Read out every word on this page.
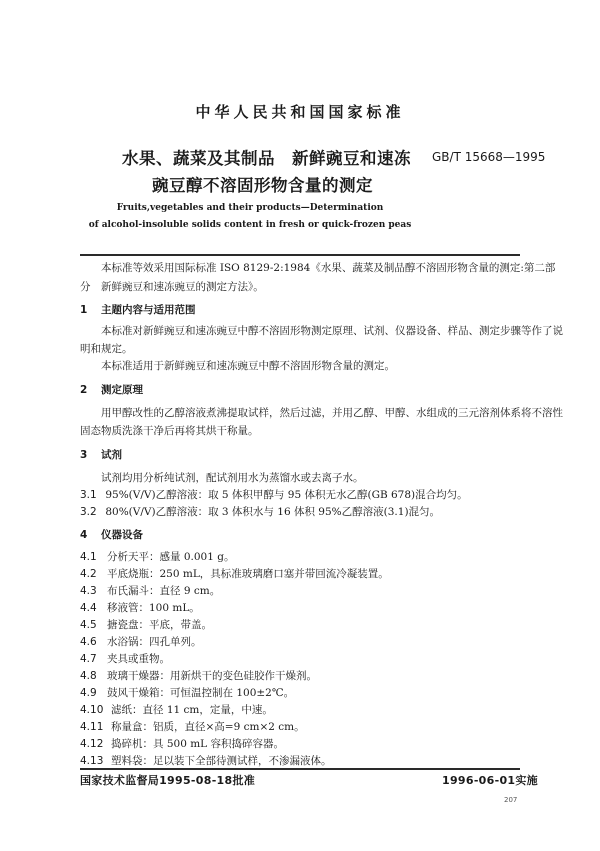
中华人民共和国国家标准
水果、蔬菜及其制品　新鲜豌豆和速冻
豌豆醇不溶固形物含量的测定
GB/T 15668—1995
Fruits,vegetables and their products—Determination
of alcohol-insoluble solids content in fresh or quick-frozen peas
本标准等效采用国际标准 ISO 8129-2:1984《水果、蔬菜及制品醇不溶固形物含量的测定:第二部
分　新鲜豌豆和速冻豌豆的测定方法》。
1 主题内容与适用范围
本标准对新鲜豌豆和速冻豌豆中醇不溶固形物测定原理、试剂、仪器设备、样品、测定步骤等作了说
明和规定。
本标准适用于新鲜豌豆和速冻豌豆中醇不溶固形物含量的测定。
2 测定原理
用甲醇改性的乙醇溶液煮沸提取试样，然后过滤，并用乙醇、甲醇、水组成的三元溶剂体系将不溶性
固态物质洗涤干净后再将其烘干称量。
3 试剂
试剂均用分析纯试剂，配试剂用水为蒸馏水或去离子水。
3.1 95%(V/V)乙醇溶液：取 5 体积甲醇与 95 体积无水乙醇(GB 678)混合均匀。
3.2 80%(V/V)乙醇溶液：取 3 体积水与 16 体积 95%乙醇溶液(3.1)混匀。
4 仪器设备
4.1 分析天平：感量 0.001 g。
4.2 平底烧瓶：250 mL，具标准玻璃磨口塞并带回流冷凝装置。
4.3 布氏漏斗：直径 9 cm。
4.4 移液管：100 mL。
4.5 搪瓷盘：平底，带盖。
4.6 水浴锅：四孔单列。
4.7 夹具或重物。
4.8 玻璃干燥器：用新烘干的变色硅胶作干燥剂。
4.9 鼓风干燥箱：可恒温控制在 100±2℃。
4.10 滤纸：直径 11 cm，定量，中速。
4.11 称量盒：铝质，直径×高=9 cm×2 cm。
4.12 捣碎机：具 500 mL 容积捣碎容器。
4.13 塑料袋：足以装下全部待测试样，不渗漏液体。
国家技术监督局1995-08-18批准	1996-06-01实施
207
